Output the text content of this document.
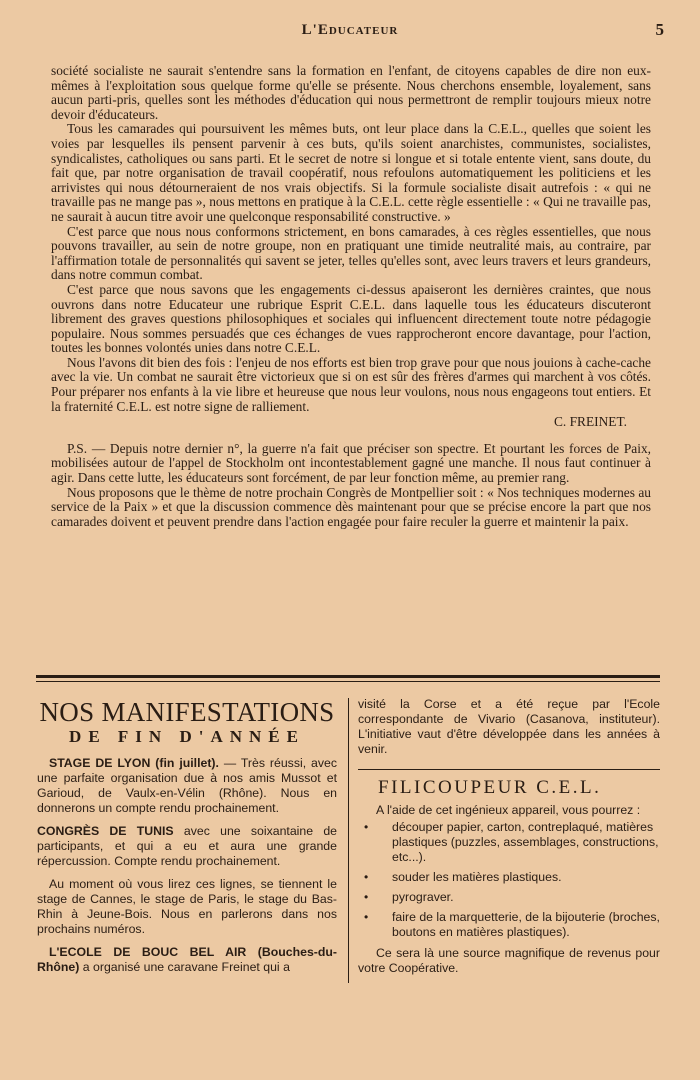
L'Educateur	5

société socialiste ne saurait s'entendre sans la formation en l'enfant, de citoyens capables de dire non eux-mêmes à l'exploitation sous quelque forme qu'elle se présente. Nous cherchons ensemble, loyalement, sans aucun parti-pris, quelles sont les méthodes d'éducation qui nous permettront de remplir toujours mieux notre devoir d'éducateurs.

Tous les camarades qui poursuivent les mêmes buts, ont leur place dans la C.E.L., quelles que soient les voies par lesquelles ils pensent parvenir à ces buts, qu'ils soient anarchistes, communistes, socialistes, syndicalistes, catholiques ou sans parti. Et le secret de notre si longue et si totale entente vient, sans doute, du fait que, par notre organisation de travail coopératif, nous refoulons automatiquement les politiciens et les arrivistes qui nous détourneraient de nos vrais objectifs. Si la formule socialiste disait autrefois : « qui ne travaille pas ne mange pas », nous mettons en pratique à la C.E.L. cette règle essentielle : « Qui ne travaille pas, ne saurait à aucun titre avoir une quelconque responsabilité constructive. »

C'est parce que nous nous conformons strictement, en bons camarades, à ces règles essentielles, que nous pouvons travailler, au sein de notre groupe, non en pratiquant une timide neutralité mais, au contraire, par l'affirmation totale de personnalités qui savent se jeter, telles qu'elles sont, avec leurs travers et leurs grandeurs, dans notre commun combat.

C'est parce que nous savons que les engagements ci-dessus apaiseront les dernières craintes, que nous ouvrons dans notre Educateur une rubrique Esprit C.E.L. dans laquelle tous les éducateurs discuteront librement des graves questions philosophiques et sociales qui influencent directement toute notre pédagogie populaire. Nous sommes persuadés que ces échanges de vues rapprocheront encore davantage, pour l'action, toutes les bonnes volontés unies dans notre C.E.L.

Nous l'avons dit bien des fois : l'enjeu de nos efforts est bien trop grave pour que nous jouions à cache-cache avec la vie. Un combat ne saurait être victorieux que si on est sûr des frères d'armes qui marchent à vos côtés. Pour préparer nos enfants à la vie libre et heureuse que nous leur voulons, nous nous engageons tout entiers. Et la fraternité C.E.L. est notre signe de ralliement.

C. FREINET.

P.S. — Depuis notre dernier n°, la guerre n'a fait que préciser son spectre. Et pourtant les forces de Paix, mobilisées autour de l'appel de Stockholm ont incontestablement gagné une manche. Il nous faut continuer à agir. Dans cette lutte, les éducateurs sont forcément, de par leur fonction même, au premier rang.

Nous proposons que le thème de notre prochain Congrès de Montpellier soit : « Nos techniques modernes au service de la Paix » et que la discussion commence dès maintenant pour que se précise encore la part que nos camarades doivent et peuvent prendre dans l'action engagée pour faire reculer la guerre et maintenir la paix.

NOS MANIFESTATIONS
DE FIN D'ANNÉE

STAGE DE LYON (fin juillet). — Très réussi, avec une parfaite organisation due à nos amis Mussot et Garioud, de Vaulx-en-Vélin (Rhône). Nous en donnerons un compte rendu prochainement.

CONGRÈS DE TUNIS avec une soixantaine de participants, et qui a eu et aura une grande répercussion. Compte rendu prochainement.

Au moment où vous lirez ces lignes, se tiennent le stage de Cannes, le stage de Paris, le stage du Bas-Rhin à Jeune-Bois. Nous en parlerons dans nos prochains numéros.

L'ECOLE DE BOUC BEL AIR (Bouches-du-Rhône) a organisé une caravane Freinet qui a

visité la Corse et a été reçue par l'Ecole correspondante de Vivario (Casanova, instituteur). L'initiative vaut d'être développée dans les années à venir.

FILICOUPEUR C.E.L.

A l'aide de cet ingénieux appareil, vous pourrez :

• découper papier, carton, contreplaqué, matières plastiques (puzzles, assemblages, constructions, etc...).
• souder les matières plastiques.
• pyrograver.
• faire de la marquetterie, de la bijouterie (broches, boutons en matières plastiques).

Ce sera là une source magnifique de revenus pour votre Coopérative.
